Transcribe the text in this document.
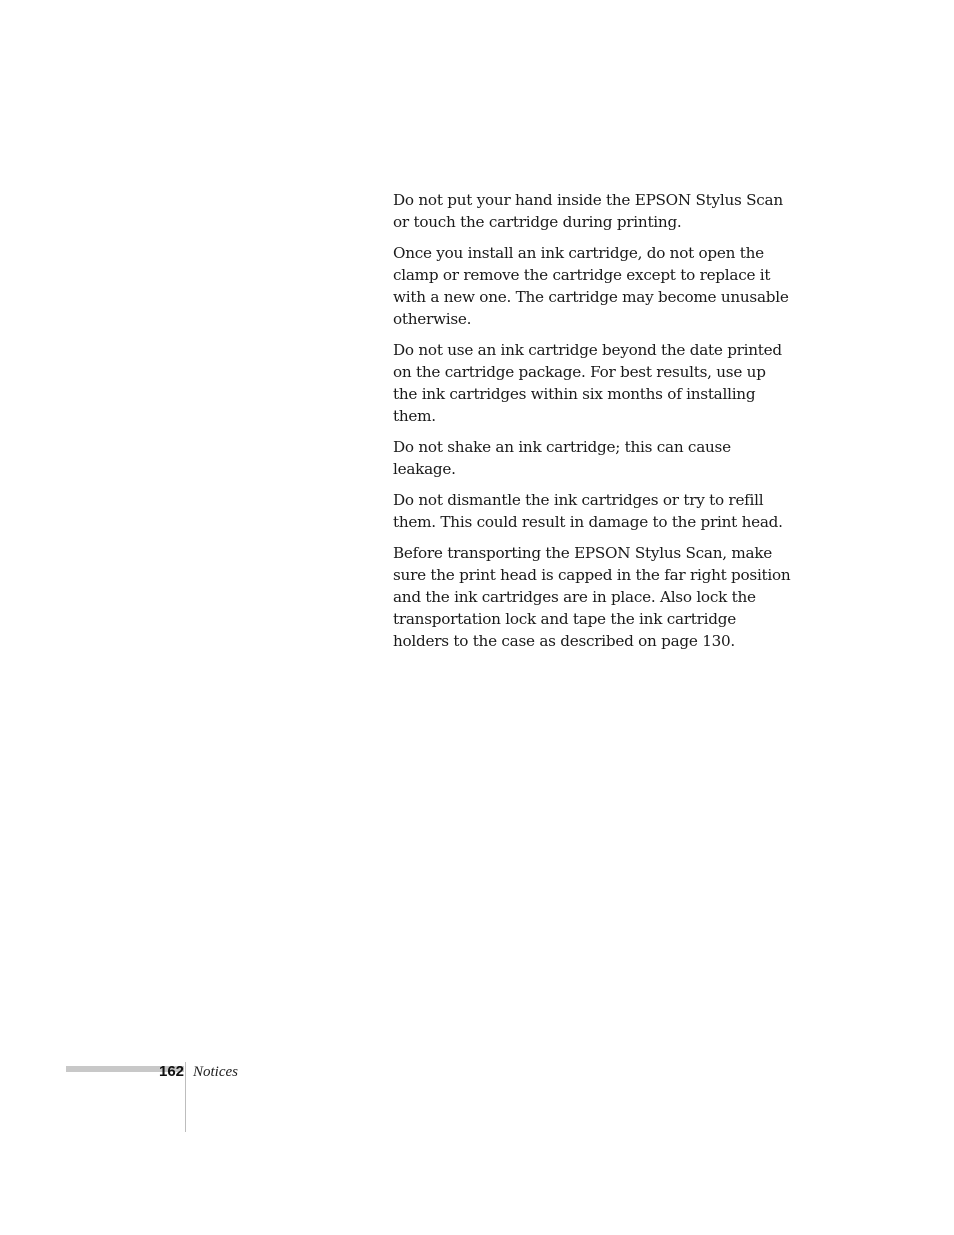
Do not put your hand inside the EPSON Stylus Scan or touch the cartridge during printing.

Once you install an ink cartridge, do not open the clamp or remove the cartridge except to replace it with a new one. The cartridge may become unusable otherwise.

Do not use an ink cartridge beyond the date printed on the cartridge package. For best results, use up the ink cartridges within six months of installing them.

Do not shake an ink cartridge; this can cause leakage.

Do not dismantle the ink cartridges or try to refill them. This could result in damage to the print head.

Before transporting the EPSON Stylus Scan, make sure the print head is capped in the far right position and the ink cartridges are in place. Also lock the transportation lock and tape the ink cartridge holders to the case as described on page 130.

162 Notices
